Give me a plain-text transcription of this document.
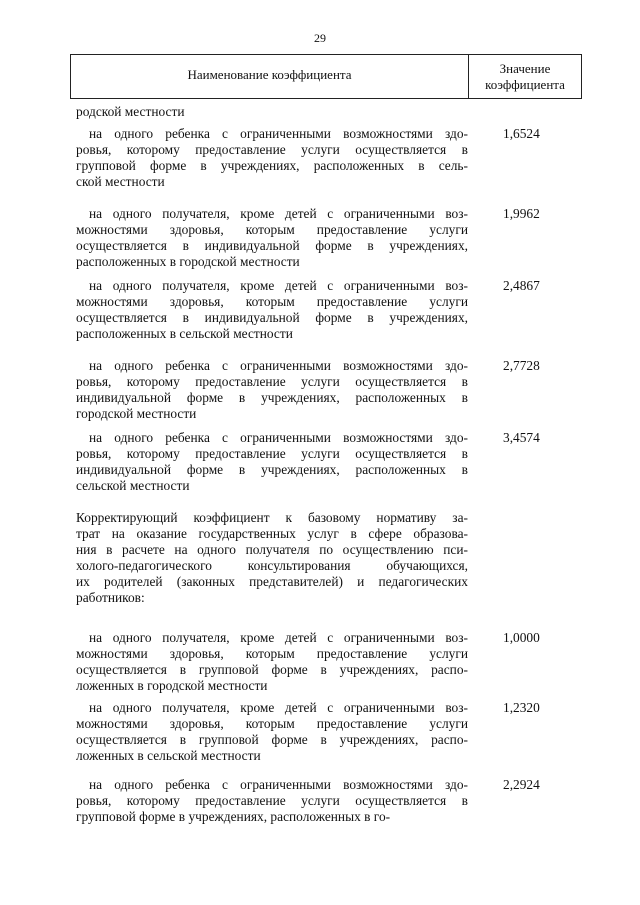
29
Наименование коэффициента	Значение
коэффициента
родской местности
на одного ребенка с ограниченными возможностями здо-
ровья, которому предоставление услуги осуществляется в
групповой форме в учреждениях, расположенных в сель-
ской местности
1,6524
на одного получателя, кроме детей с ограниченными воз-
можностями здоровья, которым предоставление услуги
осуществляется в индивидуальной форме в учреждениях,
расположенных в городской местности
1,9962
на одного получателя, кроме детей с ограниченными воз-
можностями здоровья, которым предоставление услуги
осуществляется в индивидуальной форме в учреждениях,
расположенных в сельской местности
2,4867
на одного ребенка с ограниченными возможностями здо-
ровья, которому предоставление услуги осуществляется в
индивидуальной форме в учреждениях, расположенных в
городской местности
2,7728
на одного ребенка с ограниченными возможностями здо-
ровья, которому предоставление услуги осуществляется в
индивидуальной форме в учреждениях, расположенных в
сельской местности
3,4574
Корректирующий коэффициент к базовому нормативу за-
трат на оказание государственных услуг в сфере образова-
ния в расчете на одного получателя по осуществлению пси-
холого-педагогического консультирования обучающихся,
их родителей (законных представителей) и педагогических
работников:
на одного получателя, кроме детей с ограниченными воз-
можностями здоровья, которым предоставление услуги
осуществляется в групповой форме в учреждениях, распо-
ложенных в городской местности
1,0000
на одного получателя, кроме детей с ограниченными воз-
можностями здоровья, которым предоставление услуги
осуществляется в групповой форме в учреждениях, распо-
ложенных в сельской местности
1,2320
на одного ребенка с ограниченными возможностями здо-
ровья, которому предоставление услуги осуществляется в
групповой форме в учреждениях, расположенных в го-
2,2924
